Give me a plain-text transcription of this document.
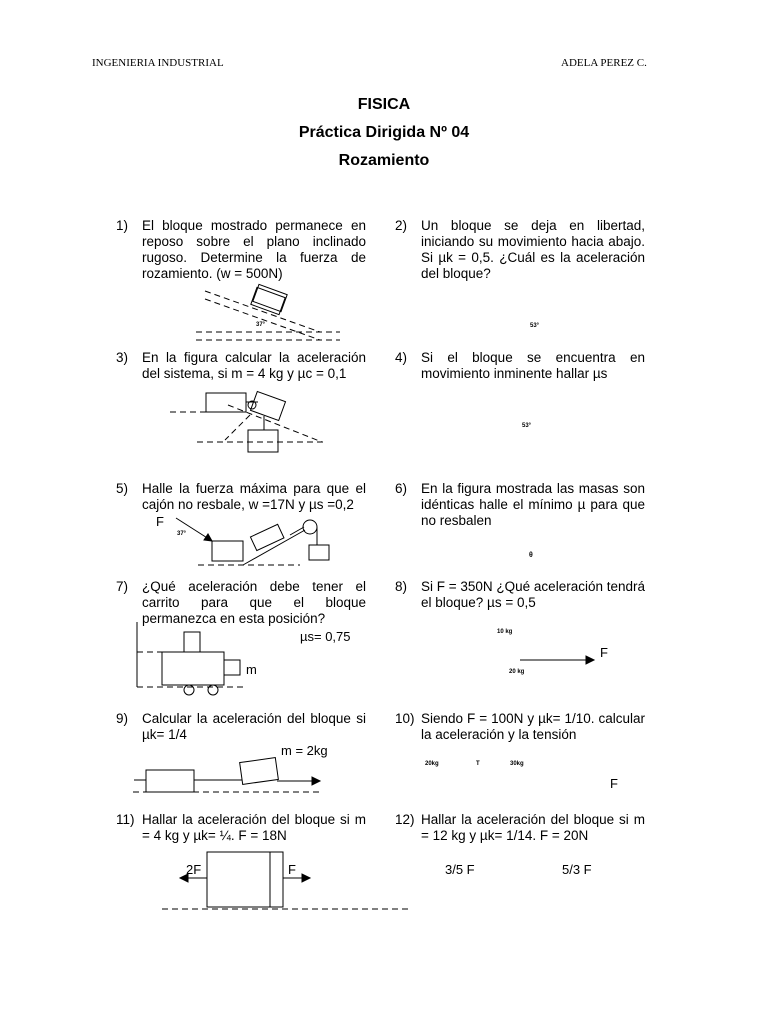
INGENIERIA INDUSTRIAL	ADELA PEREZ C.
FISICA
Práctica Dirigida Nº 04
Rozamiento
1) El bloque mostrado permanece en reposo sobre el plano inclinado rugoso. Determine la fuerza de rozamiento. (w = 500N)
2) Un bloque se deja en libertad, iniciando su movimiento hacia abajo. Si µk = 0,5. ¿Cuál es la aceleración del bloque?
3) En la figura calcular la aceleración del sistema, si m = 4 kg y µc = 0,1
4) Si el bloque se encuentra en movimiento inminente hallar µs
5) Halle la fuerza máxima para que el cajón no resbale, w =17N y µs =0,2
6) En la figura mostrada las masas son idénticas halle el mínimo µ para que no resbalen
7) ¿Qué aceleración debe tener el carrito para que el bloque permanezca en esta posición?
8) Si F = 350N ¿Qué aceleración tendrá el bloque? µs = 0,5
9) Calcular la aceleración del bloque si µk= 1/4
10) Siendo F = 100N y µk= 1/10. calcular la aceleración y la tensión
11) Hallar la aceleración del bloque si m = 4 kg y µk= ¼. F = 18N
12) Hallar la aceleración del bloque si m = 12 kg y µk= 1/14. F = 20N
37°	53°
53°
F
37°
θ
µs= 0,75
m
10 kg
20 kg
F
m = 2kg
20kg	T	30kg
F
2F	F	3/5 F	5/3 F
